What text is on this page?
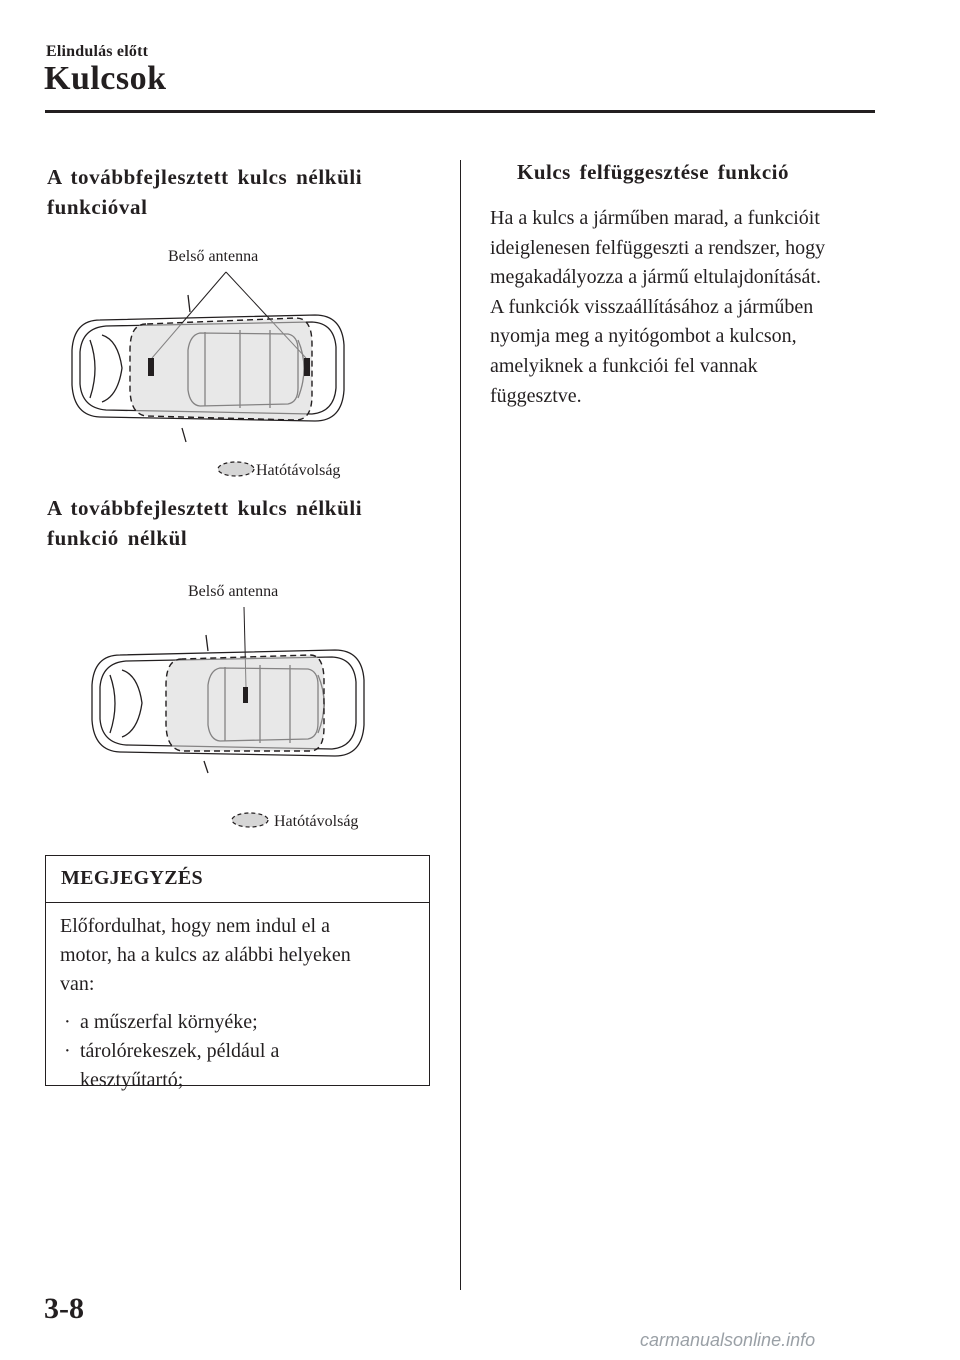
Elindulás előtt
Kulcsok
A továbbfejlesztett kulcs nélküli
funkcióval
Belső antenna
Hatótávolság
A továbbfejlesztett kulcs nélküli
funkció nélkül
Belső antenna
Hatótávolság
MEGJEGYZÉS
Előfordulhat, hogy nem indul el a
motor, ha a kulcs az alábbi helyeken
van:
· a műszerfal környéke;
· tárolórekeszek, például a
kesztyűtartó;
Kulcs felfüggesztése funkció
Ha a kulcs a járműben marad, a funkcióit
ideiglenesen felfüggeszti a rendszer, hogy
megakadályozza a jármű eltulajdonítását.
A funkciók visszaállításához a járműben
nyomja meg a nyitógombot a kulcson,
amelyiknek a funkciói fel vannak
függesztve.
3-8
carmanualsonline.info
